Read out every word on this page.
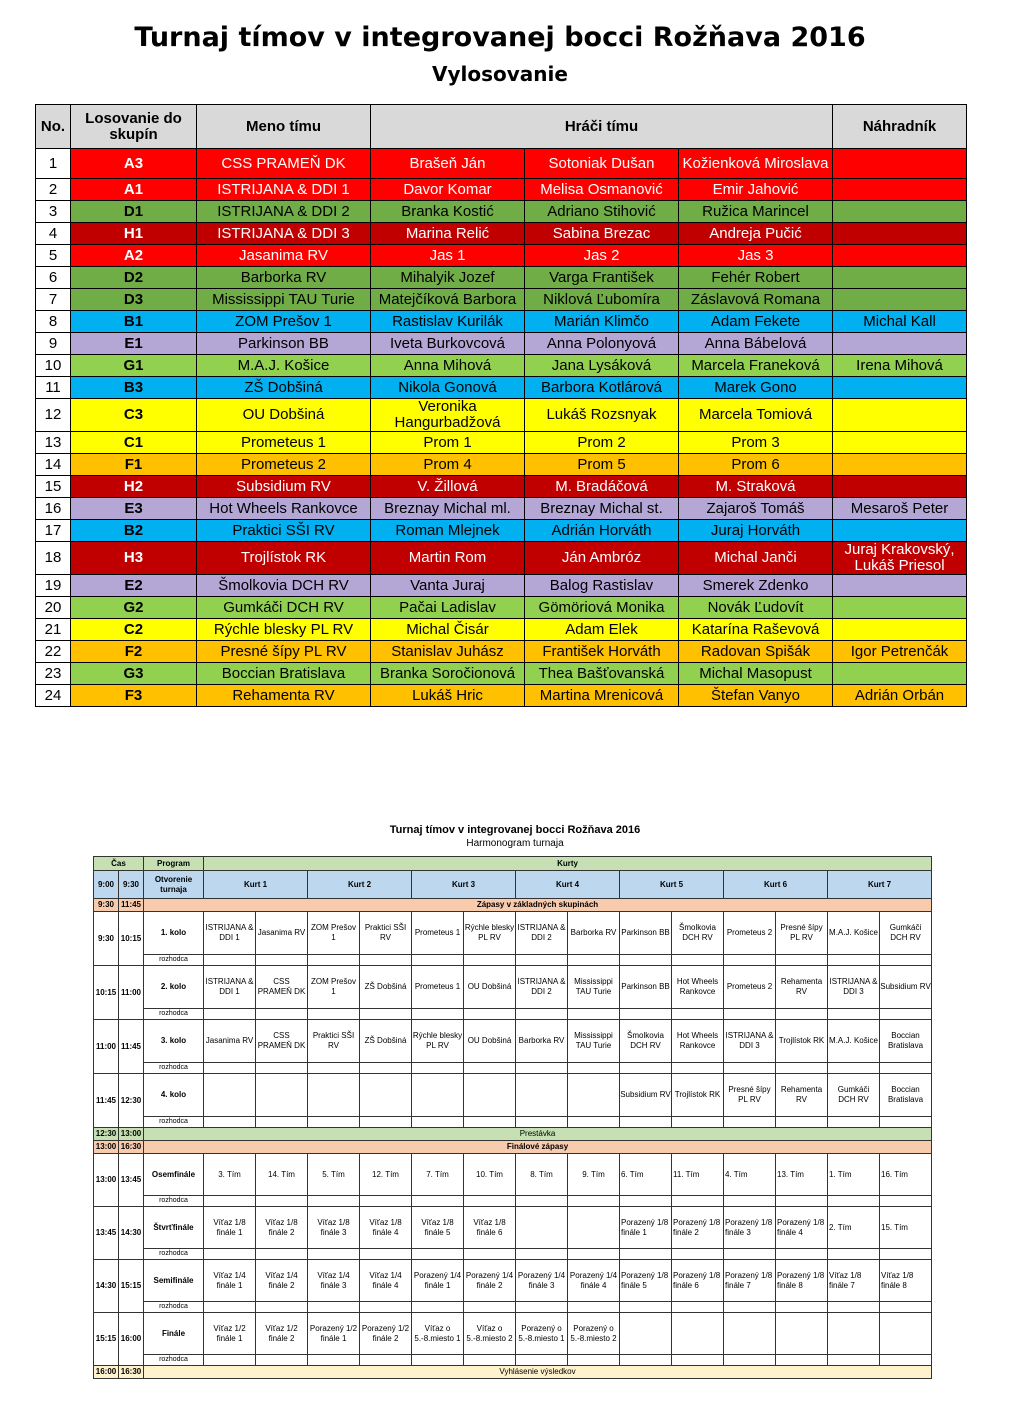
Turnaj tímov v integrovanej bocci Rožňava 2016
Vylosovanie
No.	Losovanie do skupín	Meno tímu	Hráči tímu			Náhradník
1	A3	CSS PRAMEŇ DK	Brašeň Ján	Sotoniak Dušan	Kožienková Miroslava	
2	A1	ISTRIJANA & DDI 1	Davor Komar	Melisa Osmanović	Emir Jahović	
3	D1	ISTRIJANA & DDI 2	Branka Kostić	Adriano Stihović	Ružica Marincel	
4	H1	ISTRIJANA & DDI 3	Marina Relić	Sabina Brezac	Andreja Pučić	
5	A2	Jasanima RV	Jas 1	Jas 2	Jas 3	
6	D2	Barborka RV	Mihalyik Jozef	Varga František	Fehér Robert	
7	D3	Mississippi TAU Turie	Matejčíková Barbora	Niklová Ľubomíra	Záslavová Romana	
8	B1	ZOM Prešov 1	Rastislav Kurilák	Marián Klimčo	Adam Fekete	Michal Kall
9	E1	Parkinson BB	Iveta Burkovcová	Anna Polonyová	Anna Bábelová	
10	G1	M.A.J. Košice	Anna Mihová	Jana Lysáková	Marcela Franeková	Irena Mihová
11	B3	ZŠ Dobšiná	Nikola Gonová	Barbora Kotlárová	Marek Gono	
12	C3	OU Dobšiná	Veronika Hangurbadžová	Lukáš Rozsnyak	Marcela Tomiová	
13	C1	Prometeus 1	Prom 1	Prom 2	Prom 3	
14	F1	Prometeus 2	Prom 4	Prom 5	Prom 6	
15	H2	Subsidium RV	V. Žillová	M. Bradáčová	M. Straková	
16	E3	Hot Wheels Rankovce	Breznay Michal ml.	Breznay Michal st.	Zajaroš Tomáš	Mesaroš Peter
17	B2	Praktici SŠI RV	Roman Mlejnek	Adrián Horváth	Juraj Horváth	
18	H3	Trojlístok RK	Martin Rom	Ján Ambróz	Michal Janči	Juraj Krakovský, Lukáš Priesol
19	E2	Šmolkovia DCH RV	Vanta Juraj	Balog Rastislav	Smerek Zdenko	
20	G2	Gumkáči DCH RV	Pačai Ladislav	Gömöriová Monika	Novák Ľudovít	
21	C2	Rýchle blesky PL RV	Michal Čisár	Adam Elek	Katarína Raševová	
22	F2	Presné šípy PL RV	Stanislav Juhász	František Horváth	Radovan Spišák	Igor Petrenčák
23	G3	Boccian Bratislava	Branka Soročionová	Thea Bašťovanská	Michal Masopust	
24	F3	Rehamenta RV	Lukáš Hric	Martina Mrenicová	Štefan Vanyo	Adrián Orbán
Turnaj tímov v integrovanej bocci Rožňava 2016
Harmonogram turnaja
Čas		Program	Kurty													
9:00	9:30	Otvorenie turnaja	Kurt 1		Kurt 2		Kurt 3		Kurt 4		Kurt 5		Kurt 6		Kurt 7	
9:30	11:45	Zápasy v základných skupinách														
9:30	10:15	1. kolo	ISTRIJANA & DDI 1	Jasanima RV	ZOM Prešov 1	Praktici SŠI RV	Prometeus 1	Rýchle blesky PL RV	ISTRIJANA & DDI 2	Barborka RV	Parkinson BB	Šmolkovia DCH RV	Prometeus 2	Presné šípy PL RV	M.A.J. Košice	Gumkáči DCH RV
		rozhodca														
10:15	11:00	2. kolo	ISTRIJANA & DDI 1	CSS PRAMEŇ DK	ZOM Prešov 1	ZŠ Dobšiná	Prometeus 1	OU Dobšiná	ISTRIJANA & DDI 2	Mississippi TAU Turie	Parkinson BB	Hot Wheels Rankovce	Prometeus 2	Rehamenta RV	ISTRIJANA & DDI 3	Subsidium RV
		rozhodca														
11:00	11:45	3. kolo	Jasanima RV	CSS PRAMEŇ DK	Praktici SŠI RV	ZŠ Dobšiná	Rýchle blesky PL RV	OU Dobšiná	Barborka RV	Mississippi TAU Turie	Šmolkovia DCH RV	Hot Wheels Rankovce	ISTRIJANA & DDI 3	Trojlístok RK	M.A.J. Košice	Boccian Bratislava
		rozhodca														
11:45	12:30	4. kolo									Subsidium RV	Trojlístok RK	Presné šípy PL RV	Rehamenta RV	Gumkáči DCH RV	Boccian Bratislava
		rozhodca														
12:30	13:00	Prestávka														
13:00	16:30	Finálové zápasy														
13:00	13:45	Osemfinále	3. Tím	14. Tím	5. Tím	12. Tím	7. Tím	10. Tím	8. Tím	9. Tím	6. Tím	11. Tím	4. Tím	13. Tím	1. Tím	16. Tím
		rozhodca														
13:45	14:30	Štvrťfinále	Víťaz 1/8 finále 1	Víťaz 1/8 finále 2	Víťaz 1/8 finále 3	Víťaz 1/8 finále 4	Víťaz 1/8 finále 5	Víťaz 1/8 finále 6			Porazený 1/8 finále 1	Porazený 1/8 finále 2	Porazený 1/8 finále 3	Porazený 1/8 finále 4	2. Tím	15. Tím
		rozhodca														
14:30	15:15	Semifinále	Víťaz 1/4 finále 1	Víťaz 1/4 finále 2	Víťaz 1/4 finále 3	Víťaz 1/4 finále 4	Porazený 1/4 finále 1	Porazený 1/4 finále 2	Porazený 1/4 finále 3	Porazený 1/4 finále 4	Porazený 1/8 finále 5	Porazený 1/8 finále 6	Porazený 1/8 finále 7	Porazený 1/8 finále 8	Víťaz 1/8 finále 7	Víťaz 1/8 finále 8
		rozhodca														
15:15	16:00	Finále	Víťaz 1/2 finále 1	Víťaz 1/2 finále 2	Porazený 1/2 finále 1	Porazený 1/2 finále 2	Víťaz o 5.-8.miesto 1	Víťaz o 5.-8.miesto 2	Porazený o 5.-8.miesto 1	Porazený o 5.-8.miesto 2						
		rozhodca														
16:00	16:30	Vyhlásenie výsledkov														
